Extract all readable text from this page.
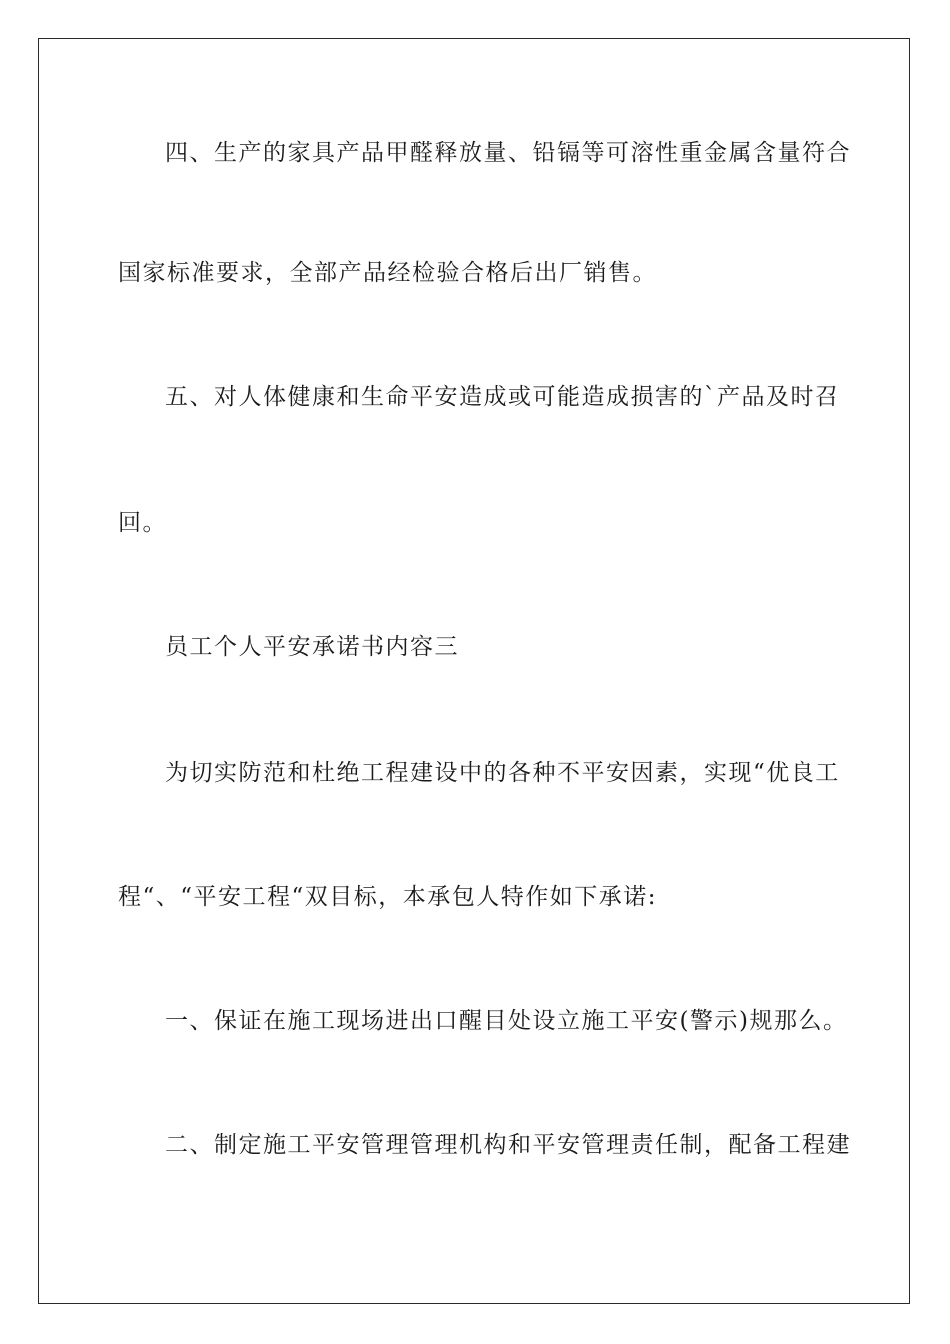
四、生产的家具产品甲醛释放量、铅镉等可溶性重金属含量符合
国家标准要求，全部产品经检验合格后出厂销售。
五、对人体健康和生命平安造成或可能造成损害的`产品及时召
回。
员工个人平安承诺书内容三
为切实防范和杜绝工程建设中的各种不平安因素，实现“优良工
程“、“平安工程“双目标，本承包人特作如下承诺:
一、保证在施工现场进出口醒目处设立施工平安(警示)规那么。
二、制定施工平安管理管理机构和平安管理责任制，配备工程建
